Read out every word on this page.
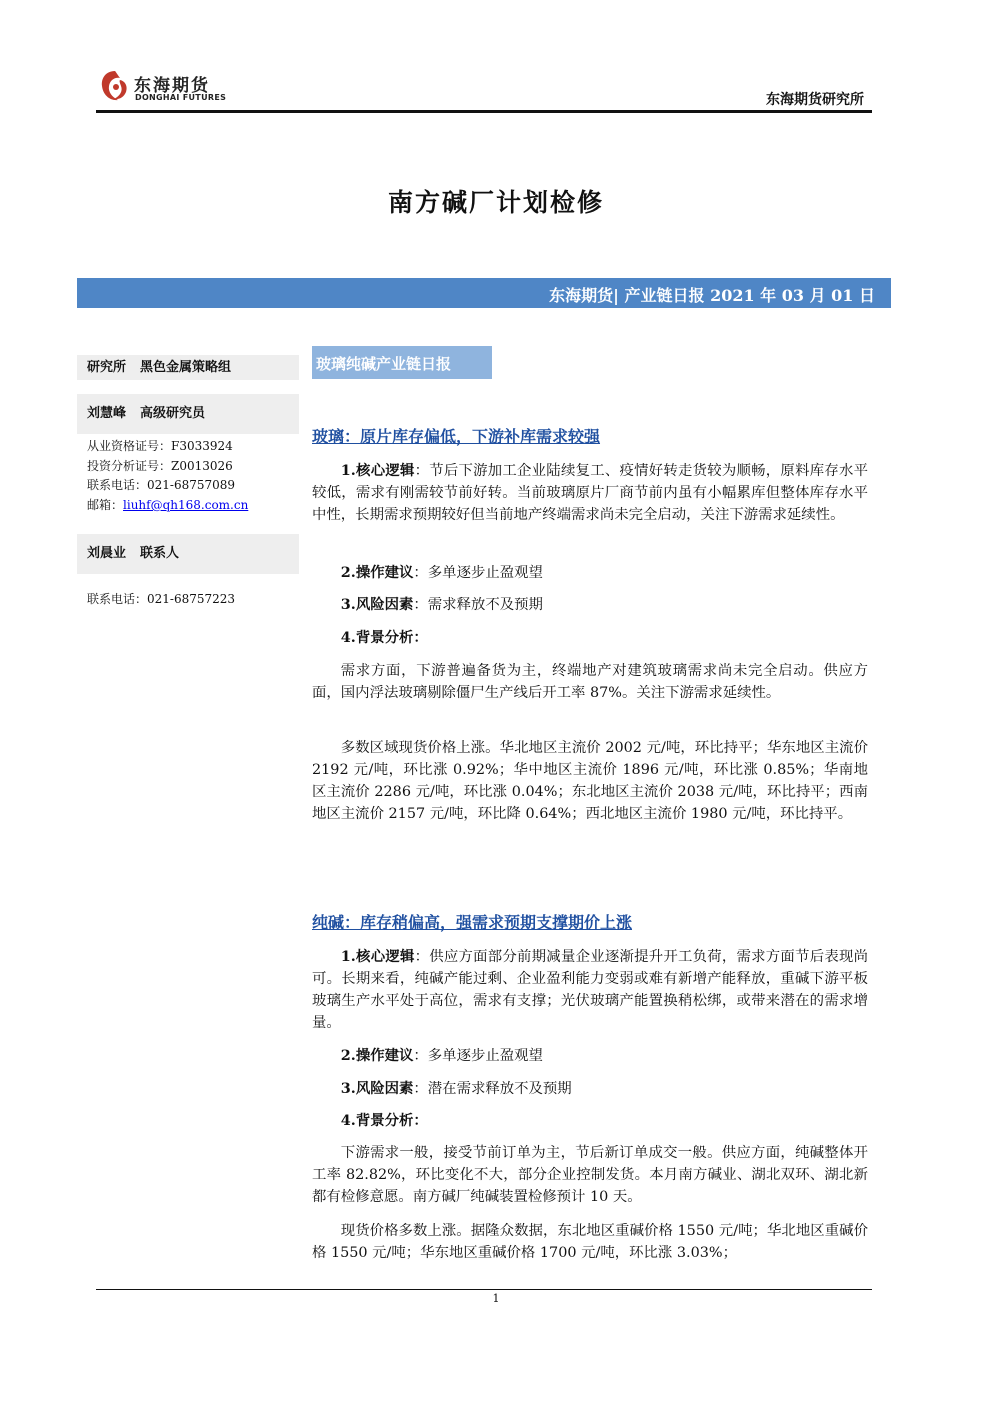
东海期货
DONGHAI FUTURES	东海期货研究所
南方碱厂计划检修
东海期货| 产业链日报 2021 年 03 月 01 日
研究所 黑色金属策略组
刘慧峰 高级研究员
从业资格证号：F3033924
投资分析证号：Z0013026
联系电话：021-68757089
邮箱：liuhf@qh168.com.cn
刘晨业 联系人
联系电话：021-68757223
玻璃纯碱产业链日报
玻璃：原片库存偏低，下游补库需求较强
1.核心逻辑：节后下游加工企业陆续复工、疫情好转走货较为顺畅，原料库存水平较低，需求有刚需较节前好转。当前玻璃原片厂商节前内虽有小幅累库但整体库存水平中性，长期需求预期较好但当前地产终端需求尚未完全启动，关注下游需求延续性。
2.操作建议：多单逐步止盈观望
3.风险因素：需求释放不及预期
4.背景分析：
需求方面，下游普遍备货为主，终端地产对建筑玻璃需求尚未完全启动。供应方面，国内浮法玻璃剔除僵尸生产线后开工率 87%。关注下游需求延续性。
多数区域现货价格上涨。华北地区主流价 2002 元/吨，环比持平；华东地区主流价 2192 元/吨，环比涨 0.92%；华中地区主流价 1896 元/吨，环比涨 0.85%；华南地区主流价 2286 元/吨，环比涨 0.04%；东北地区主流价 2038 元/吨，环比持平；西南地区主流价 2157 元/吨，环比降 0.64%；西北地区主流价 1980 元/吨，环比持平。
纯碱：库存稍偏高，强需求预期支撑期价上涨
1.核心逻辑：供应方面部分前期减量企业逐渐提升开工负荷，需求方面节后表现尚可。长期来看，纯碱产能过剩、企业盈利能力变弱或难有新增产能释放，重碱下游平板玻璃生产水平处于高位，需求有支撑；光伏玻璃产能置换稍松绑，或带来潜在的需求增量。
2.操作建议：多单逐步止盈观望
3.风险因素：潜在需求释放不及预期
4.背景分析：
下游需求一般，接受节前订单为主，节后新订单成交一般。供应方面，纯碱整体开工率 82.82%，环比变化不大，部分企业控制发货。本月南方碱业、湖北双环、湖北新都有检修意愿。南方碱厂纯碱装置检修预计 10 天。
现货价格多数上涨。据隆众数据，东北地区重碱价格 1550 元/吨；华北地区重碱价格 1550 元/吨；华东地区重碱价格 1700 元/吨，环比涨 3.03%；
1
